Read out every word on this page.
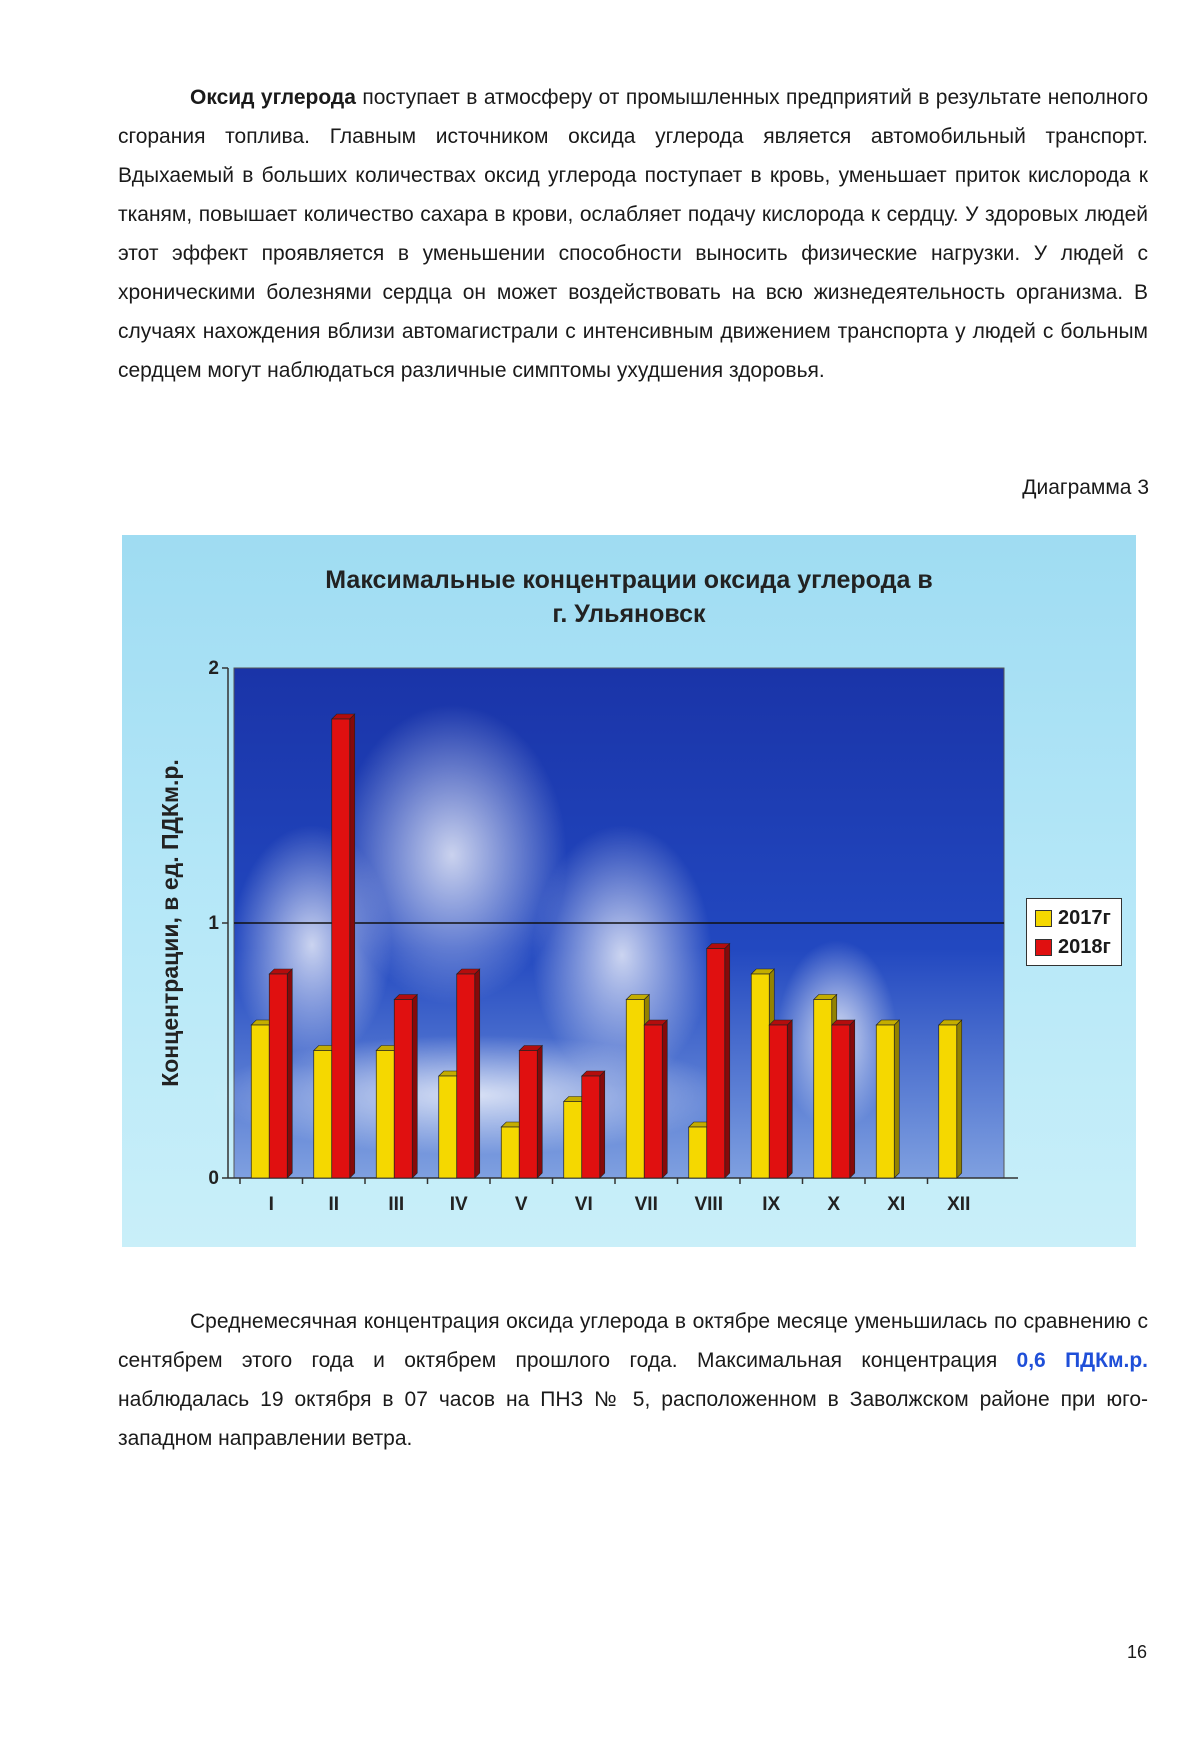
Оксид углерода поступает в атмосферу от промышленных предприятий в результате неполного сгорания топлива. Главным источником оксида углерода является автомобильный транспорт. Вдыхаемый в больших количествах оксид углерода поступает в кровь, уменьшает приток кислорода к тканям, повышает количество сахара в крови, ослабляет подачу кислорода к сердцу. У здоровых людей этот эффект проявляется в уменьшении способности выносить физические нагрузки. У людей с хроническими болезнями сердца он может воздействовать на всю жизнедеятельность организма. В случаях нахождения вблизи автомагистрали с интенсивным движением транспорта у людей с больным сердцем могут наблюдаться различные симптомы ухудшения здоровья.

Диаграмма 3
Максимальные концентрации оксида углерода в
г. Ульяновск
0
1
2
Концентрации, в ед. ПДКм.р.
I	II	III IV V VI VII VIII IX X XI XII
2017г
2018г

Среднемесячная концентрация оксида углерода в октябре месяце уменьшилась по сравнению с сентябрем этого года и октябрем прошлого года. Максимальная концентрация 0,6 ПДКм.р. наблюдалась 19 октября в 07 часов на ПНЗ № 5, расположенном в Заволжском районе при юго-западном направлении ветра.

16
